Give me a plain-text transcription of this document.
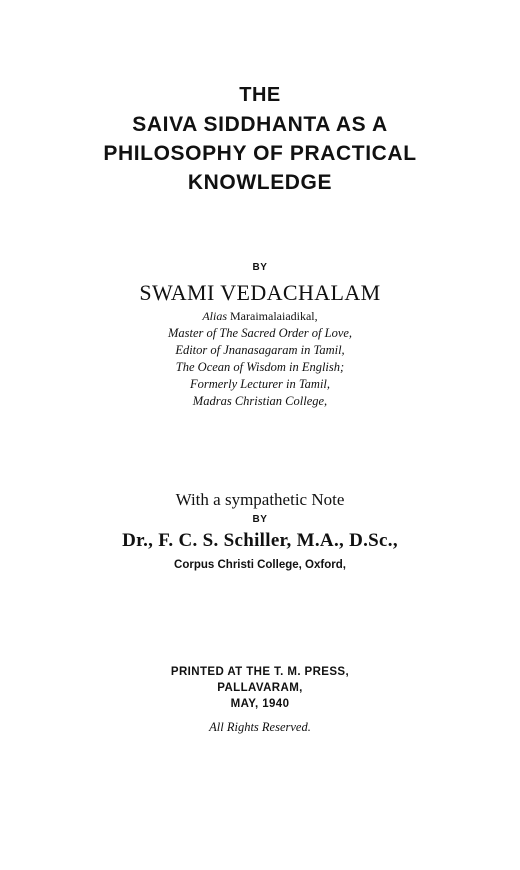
THE
SAIVA SIDDHANTA AS A
PHILOSOPHY OF PRACTICAL
KNOWLEDGE
BY
SWAMI VEDACHALAM
Alias Maraimalaiadikal,
Master of The Sacred Order of Love,
Editor of Jnanasagaram in Tamil,
The Ocean of Wisdom in English;
Formerly Lecturer in Tamil,
Madras Christian College,
With a sympathetic Note
BY
Dr., F. C. S. Schiller, M.A., D.Sc.,
Corpus Christi College, Oxford,
PRINTED AT THE T. M. PRESS,
PALLAVARAM,
MAY, 1940
All Rights Reserved.
